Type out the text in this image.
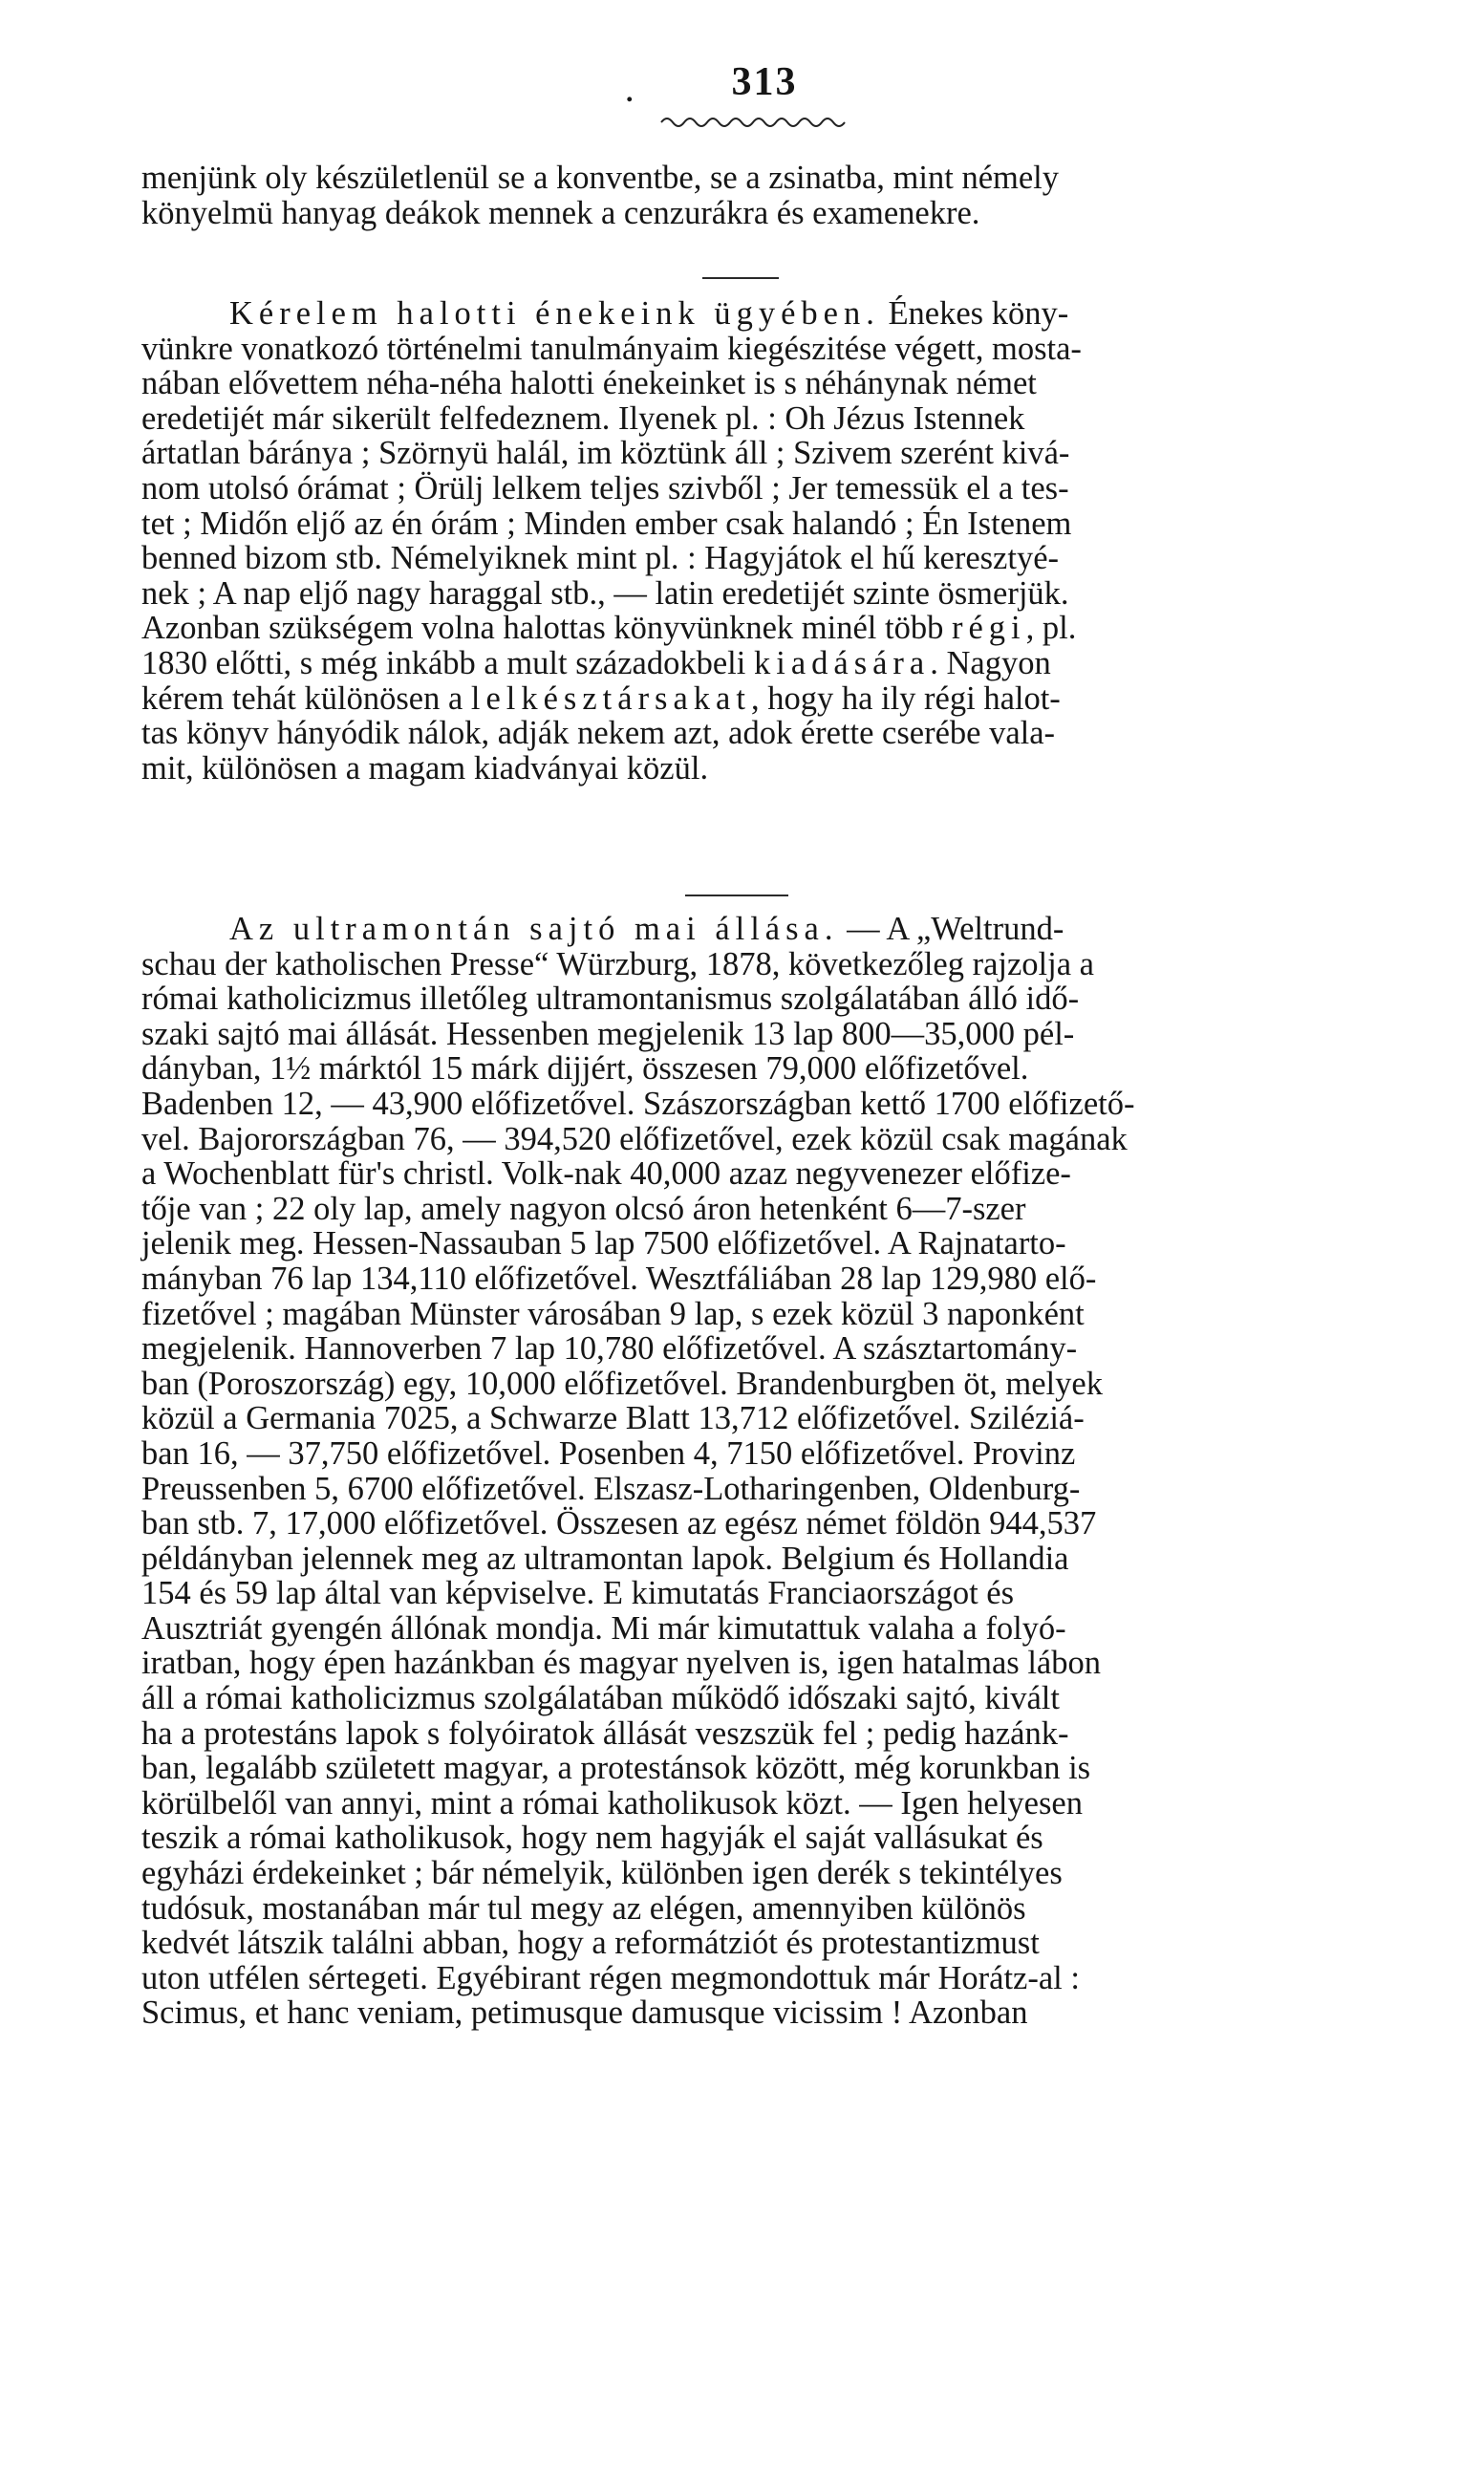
.	313

menjünk oly készületlenül se a konventbe, se a zsinatba, mint némely

könyelmü hanyag deákok mennek a cenzurákra és examenekre.

Kérelem halotti énekeink ügyében. Énekes köny-

vünkre vonatkozó történelmi tanulmányaim kiegészitése végett, mosta-

nában elővettem néha-néha halotti énekeinket is s néhánynak német

eredetijét már sikerült felfedeznem. Ilyenek pl. : Oh Jézus Istennek

ártatlan báránya ; Szörnyü halál, im köztünk áll ; Szivem szerént kivá-

nom utolsó órámat ; Örülj lelkem teljes szivből ; Jer temessük el a tes-

tet ; Midőn eljő az én órám ; Minden ember csak halandó ; Én Istenem

benned bizom stb. Némelyiknek mint pl. : Hagyjátok el hű keresztyé-

nek ; A nap eljő nagy haraggal stb., — latin eredetijét szinte ösmerjük.

Azonban szükségem volna halottas könyvünknek minél több régi, pl.

1830 előtti, s még inkább a mult századokbeli kiadására. Nagyon

kérem tehát különösen a lelkésztársakat, hogy ha ily régi halot-

tas könyv hányódik nálok, adják nekem azt, adok érette cserébe vala-

mit, különösen a magam kiadványai közül.

Az ultramontán sajtó mai állása. — A „Weltrund-

schau der katholischen Presse“ Würzburg, 1878, következőleg rajzolja a

római katholicizmus illetőleg ultramontanismus szolgálatában álló idő-

szaki sajtó mai állását. Hessenben megjelenik 13 lap 800—35,000 pél-

dányban, 1½ márktól 15 márk dijjért, összesen 79,000 előfizetővel.

Badenben 12, — 43,900 előfizetővel. Szászországban kettő 1700 előfizető-

vel. Bajorországban 76, — 394,520 előfizetővel, ezek közül csak magának

a Wochenblatt für's christl. Volk-nak 40,000 azaz negyvenezer előfize-

tője van ; 22 oly lap, amely nagyon olcsó áron hetenként 6—7-szer

jelenik meg. Hessen-Nassauban 5 lap 7500 előfizetővel. A Rajnatarto-

mányban 76 lap 134,110 előfizetővel. Wesztfáliában 28 lap 129,980 elő-

fizetővel ; magában Münster városában 9 lap, s ezek közül 3 naponként

megjelenik. Hannoverben 7 lap 10,780 előfizetővel. A szásztartomány-

ban (Poroszország) egy, 10,000 előfizetővel. Brandenburgben öt, melyek

közül a Germania 7025, a Schwarze Blatt 13,712 előfizetővel. Sziléziá-

ban 16, — 37,750 előfizetővel. Posenben 4, 7150 előfizetővel. Provinz

Preussenben 5, 6700 előfizetővel. Elszasz-Lotharingenben, Oldenburg-

ban stb. 7, 17,000 előfizetővel. Összesen az egész német földön 944,537

példányban jelennek meg az ultramontan lapok. Belgium és Hollandia

154 és 59 lap által van képviselve. E kimutatás Franciaországot és

Ausztriát gyengén állónak mondja. Mi már kimutattuk valaha a folyó-

iratban, hogy épen hazánkban és magyar nyelven is, igen hatalmas lábon

áll a római katholicizmus szolgálatában működő időszaki sajtó, kivált

ha a protestáns lapok s folyóiratok állását veszszük fel ; pedig hazánk-

ban, legalább született magyar, a protestánsok között, még korunkban is

körülbelől van annyi, mint a római katholikusok közt. — Igen helyesen

teszik a római katholikusok, hogy nem hagyják el saját vallásukat és

egyházi érdekeinket ; bár némelyik, különben igen derék s tekintélyes

tudósuk, mostanában már tul megy az elégen, amennyiben különös

kedvét látszik találni abban, hogy a reformátziót és protestantizmust

uton utfélen sértegeti. Egyébirant régen megmondottuk már Horátz-al :

Scimus, et hanc veniam, petimusque damusque vicissim ! Azonban
